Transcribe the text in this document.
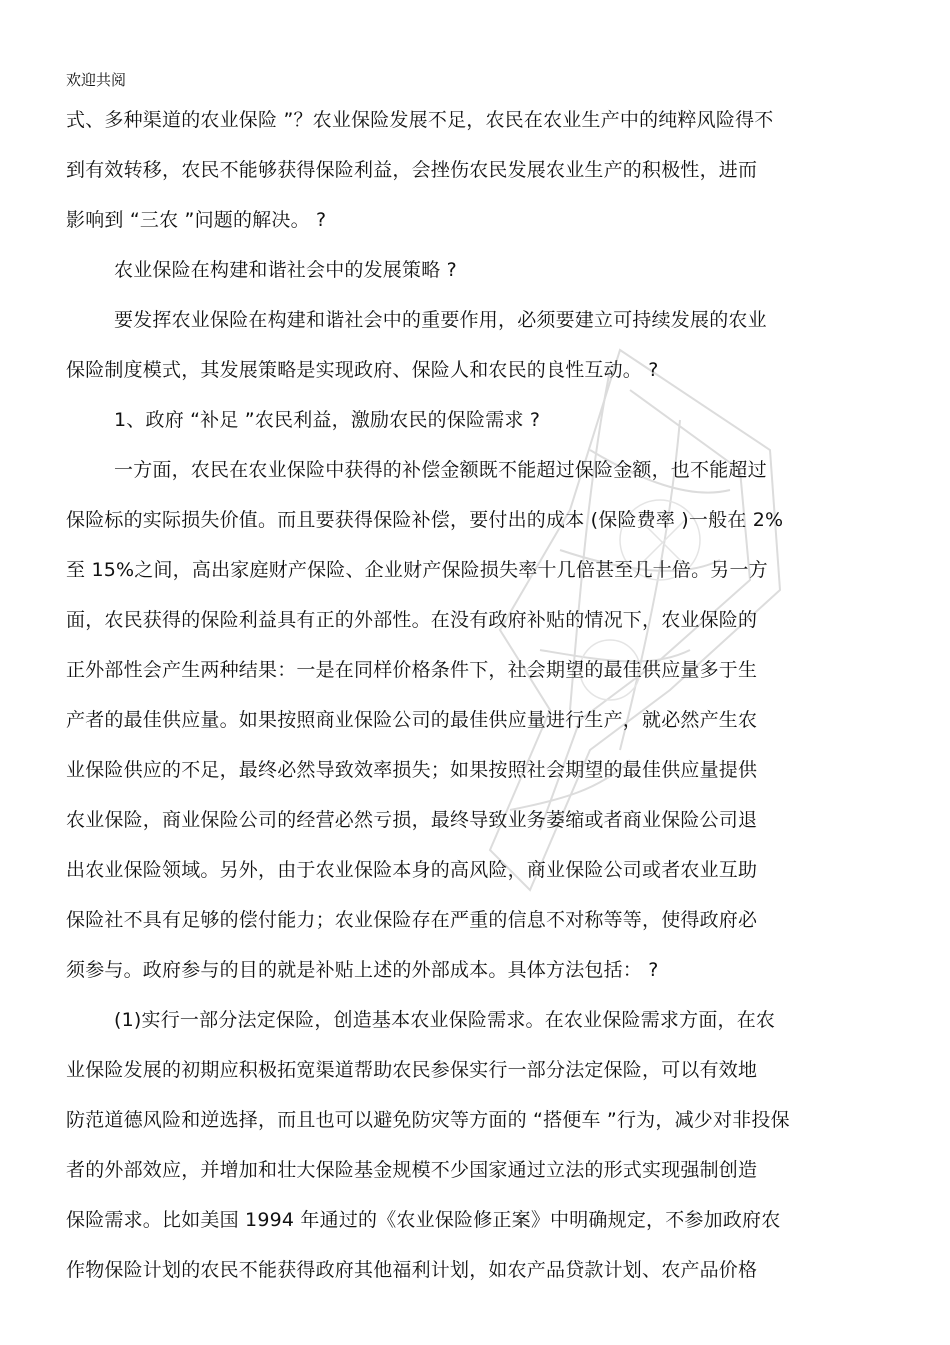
欢迎共阅
式、多种渠道的农业保险 ”？农业保险发展不足，农民在农业生产中的纯粹风险得不
到有效转移，农民不能够获得保险利益，会挫伤农民发展农业生产的积极性，进而
影响到 “三农 ”问题的解决。 ?
农业保险在构建和谐社会中的发展策略 ?
要发挥农业保险在构建和谐社会中的重要作用，必须要建立可持续发展的农业
保险制度模式，其发展策略是实现政府、保险人和农民的良性互动。 ?
1、政府 “补足 ”农民利益，激励农民的保险需求 ?
一方面，农民在农业保险中获得的补偿金额既不能超过保险金额，也不能超过
保险标的实际损失价值。而且要获得保险补偿，要付出的成本 (保险费率 )一般在 2%
至 15%之间，高出家庭财产保险、企业财产保险损失率十几倍甚至几十倍。另一方
面，农民获得的保险利益具有正的外部性。在没有政府补贴的情况下，农业保险的
正外部性会产生两种结果：一是在同样价格条件下，社会期望的最佳供应量多于生
产者的最佳供应量。如果按照商业保险公司的最佳供应量进行生产，就必然产生农
业保险供应的不足，最终必然导致效率损失；如果按照社会期望的最佳供应量提供
农业保险，商业保险公司的经营必然亏损，最终导致业务萎缩或者商业保险公司退
出农业保险领域。另外，由于农业保险本身的高风险，商业保险公司或者农业互助
保险社不具有足够的偿付能力；农业保险存在严重的信息不对称等等，使得政府必
须参与。政府参与的目的就是补贴上述的外部成本。具体方法包括： ?
(1)实行一部分法定保险，创造基本农业保险需求。在农业保险需求方面，在农
业保险发展的初期应积极拓宽渠道帮助农民参保实行一部分法定保险，可以有效地
防范道德风险和逆选择，而且也可以避免防灾等方面的 “搭便车 ”行为，减少对非投保
者的外部效应，并增加和壮大保险基金规模不少国家通过立法的形式实现强制创造
保险需求。比如美国 1994 年通过的《农业保险修正案》中明确规定，不参加政府农
作物保险计划的农民不能获得政府其他福利计划，如农产品贷款计划、农产品价格
